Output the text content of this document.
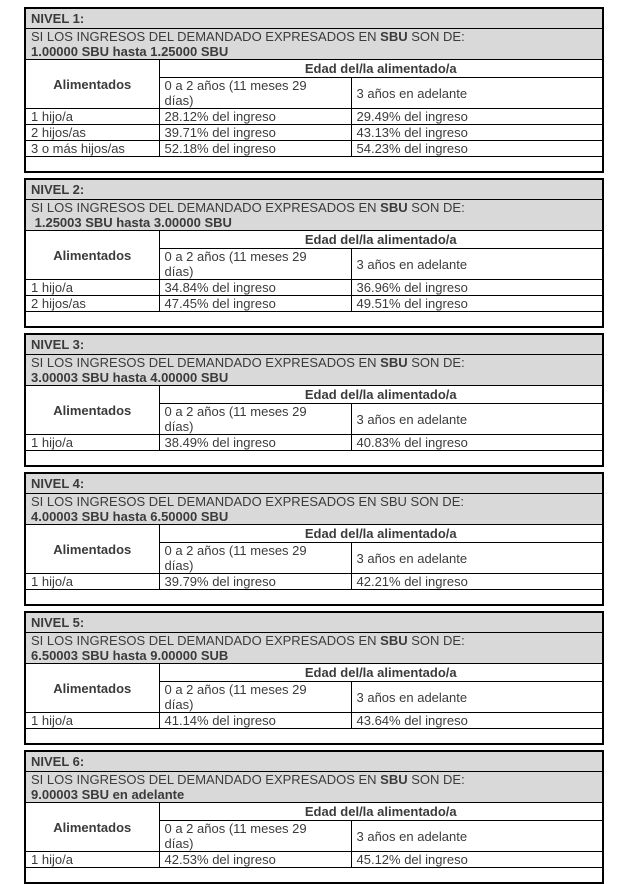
NIVEL 1:		

SI LOS INGRESOS DEL DEMANDADO EXPRESADOS EN SBU SON DE:
1.00000 SBU hasta 1.25000 SBU		

Alimentados	Edad del/la alimentado/a	

	0 a 2 años (11 meses 29 días)	3 años en adelante
1 hijo/a	28.12% del ingreso	29.49% del ingreso
2 hijos/as	39.71% del ingreso	43.13% del ingreso
3 o más hijos/as	52.18% del ingreso	54.23% del ingreso

NIVEL 2:		

SI LOS INGRESOS DEL DEMANDADO EXPRESADOS EN SBU SON DE:
1.25003 SBU hasta 3.00000 SBU		

Alimentados	Edad del/la alimentado/a	

	0 a 2 años (11 meses 29 días)	3 años en adelante
1 hijo/a	34.84% del ingreso	36.96% del ingreso
2 hijos/as	47.45% del ingreso	49.51% del ingreso

NIVEL 3:		

SI LOS INGRESOS DEL DEMANDADO EXPRESADOS EN SBU SON DE:
3.00003 SBU hasta 4.00000 SBU		

Alimentados	Edad del/la alimentado/a	

	0 a 2 años (11 meses 29 días)	3 años en adelante
1 hijo/a	38.49% del ingreso	40.83% del ingreso

NIVEL 4:		

SI LOS INGRESOS DEL DEMANDADO EXPRESADOS EN SBU SON DE:
4.00003 SBU hasta 6.50000 SBU		

Alimentados	Edad del/la alimentado/a	

	0 a 2 años (11 meses 29 días)	3 años en adelante
1 hijo/a	39.79% del ingreso	42.21% del ingreso

NIVEL 5:		

SI LOS INGRESOS DEL DEMANDADO EXPRESADOS EN SBU SON DE:
6.50003 SBU hasta 9.00000 SUB		

Alimentados	Edad del/la alimentado/a	

	0 a 2 años (11 meses 29 días)	3 años en adelante
1 hijo/a	41.14% del ingreso	43.64% del ingreso

NIVEL 6:		

SI LOS INGRESOS DEL DEMANDADO EXPRESADOS EN SBU SON DE:
9.00003 SBU en adelante		

Alimentados	Edad del/la alimentado/a	

	0 a 2 años (11 meses 29 días)	3 años en adelante
1 hijo/a	42.53% del ingreso	45.12% del ingreso
